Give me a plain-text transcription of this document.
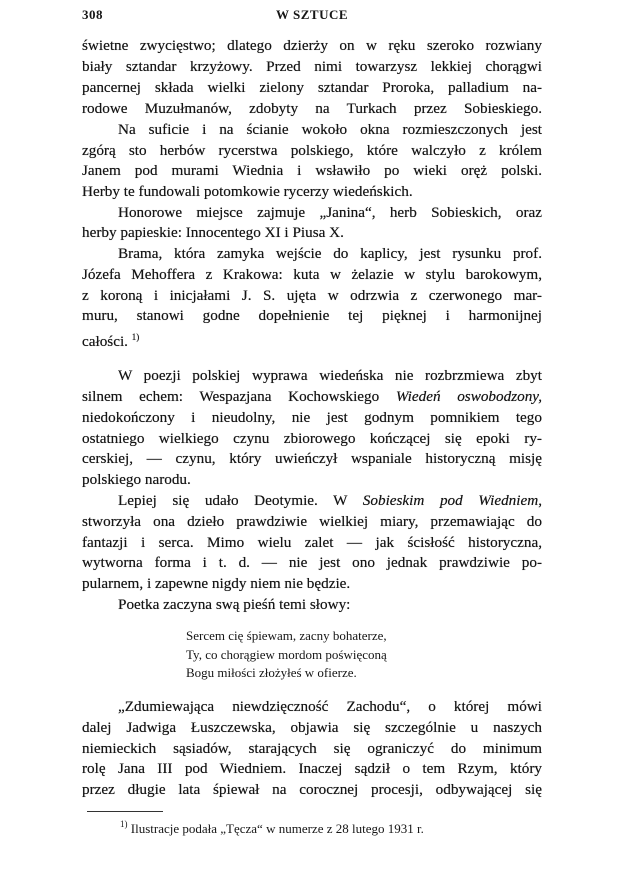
308	W SZTUCE
świetne zwycięstwo; dlatego dzierży on w ręku szeroko rozwiany
biały sztandar krzyżowy. Przed nimi towarzysz lekkiej chorągwi
pancernej składa wielki zielony sztandar Proroka, palladium na-
rodowe Muzułmanów, zdobyty na Turkach przez Sobieskiego.
Na suficie i na ścianie wokoło okna rozmieszczonych jest
zgórą sto herbów rycerstwa polskiego, które walczyło z królem
Janem pod murami Wiednia i wsławiło po wieki oręż polski.
Herby te fundowali potomkowie rycerzy wiedeńskich.
Honorowe miejsce zajmuje „Janina“, herb Sobieskich, oraz
herby papieskie: Innocentego XI i Piusa X.
Brama, która zamyka wejście do kaplicy, jest rysunku prof.
Józefa Mehoffera z Krakowa: kuta w żelazie w stylu barokowym,
z koroną i inicjałami J. S. ujęta w odrzwia z czerwonego mar-
muru, stanowi godne dopełnienie tej pięknej i harmonijnej
całości. $^{1)}$
W poezji polskiej wyprawa wiedeńska nie rozbrzmiewa zbyt
silnem echem: Wespazjana Kochowskiego Wiedeń oswobodzony,
niedokończony i nieudolny, nie jest godnym pomnikiem tego
ostatniego wielkiego czynu zbiorowego kończącej się epoki ry-
cerskiej, — czynu, który uwieńczył wspaniale historyczną misję
polskiego narodu.
Lepiej się udało Deotymie. W Sobieskim pod Wiedniem,
stworzyła ona dzieło prawdziwie wielkiej miary, przemawiając do
fantazji i serca. Mimo wielu zalet — jak ścisłość historyczna,
wytworna forma i t. d. — nie jest ono jednak prawdziwie po-
pularnem, i zapewne nigdy niem nie będzie.
Poetka zaczyna swą pieśń temi słowy:
„Zdumiewająca niewdzięczność Zachodu“, o której mówi
dalej Jadwiga Łuszczewska, objawia się szczególnie u naszych
niemieckich sąsiadów, starających się ograniczyć do minimum
rolę Jana III pod Wiedniem. Inaczej sądził o tem Rzym, który
przez długie lata śpiewał na corocznej procesji, odbywającej się
Sercem cię śpiewam, zacny bohaterze,
Ty, co chorągiew mordom poświęconą
Bogu miłości złożyłeś w ofierze.
$^{1)}$ Ilustracje podała „Tęcza“ w numerze z 28 lutego 1931 r.
